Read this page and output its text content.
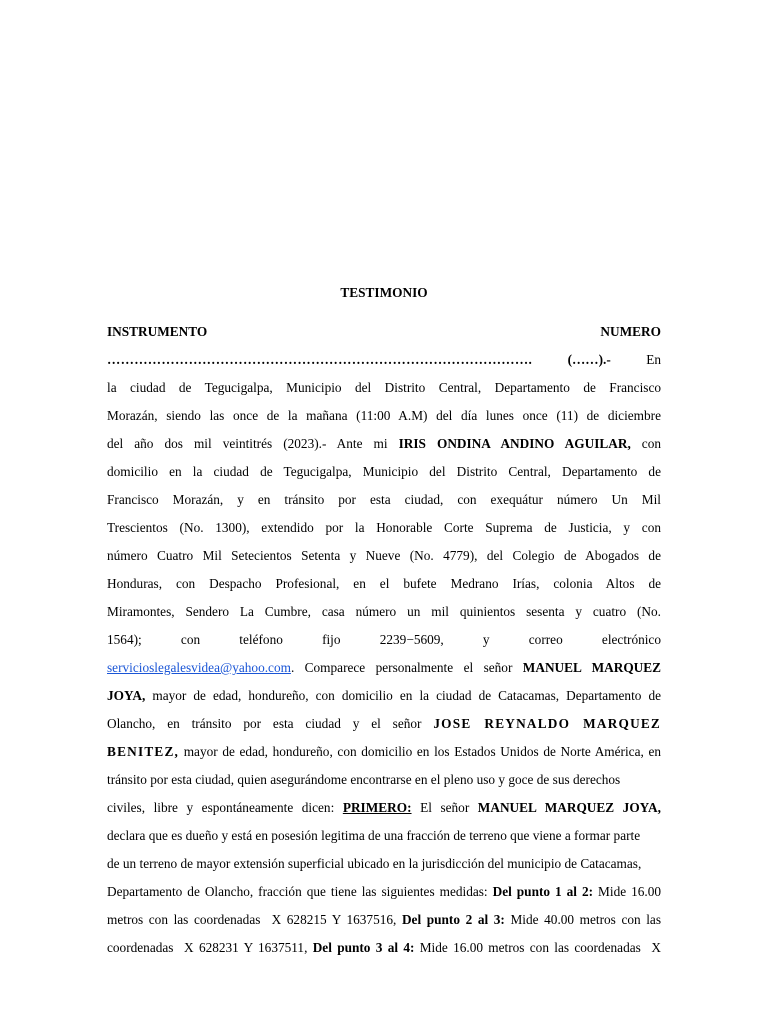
TESTIMONIO
INSTRUMENTO	NUMERO
………………………………………………………………………………….	(……).-	En
la ciudad de Tegucigalpa, Municipio del Distrito Central, Departamento de Francisco
Morazán, siendo las once de la mañana (11:00 A.M) del día lunes once (11) de diciembre
del año dos mil veintitrés (2023).- Ante mi IRIS ONDINA ANDINO AGUILAR, con
domicilio en la ciudad de Tegucigalpa, Municipio del Distrito Central, Departamento de
Francisco Morazán, y en tránsito por esta ciudad, con exequátur número Un Mil
Trescientos (No. 1300), extendido por la Honorable Corte Suprema de Justicia, y con
número Cuatro Mil Setecientos Setenta y Nueve (No. 4779), del Colegio de Abogados de
Honduras, con Despacho Profesional, en el bufete Medrano Irías, colonia Altos de
Miramontes, Sendero La Cumbre, casa número un mil quinientos sesenta y cuatro (No.
1564); con teléfono fijo 2239−5609, y correo electrónico
servicioslegalesvidea@yahoo.com. Comparece personalmente el señor MANUEL MARQUEZ
JOYA, mayor de edad, hondureño, con domicilio en la ciudad de Catacamas, Departamento de
Olancho, en tránsito por esta ciudad y el señor JOSE REYNALDO MARQUEZ
BENITEZ, mayor de edad, hondureño, con domicilio en los Estados Unidos de Norte América, en
tránsito por esta ciudad, quien asegurándome encontrarse en el pleno uso y goce de sus derechos
civiles, libre y espontáneamente dicen: PRIMERO: El señor MANUEL MARQUEZ JOYA,
declara que es dueño y está en posesión legitima de una fracción de terreno que viene a formar parte
de un terreno de mayor extensión superficial ubicado en la jurisdicción del municipio de Catacamas,
Departamento de Olancho, fracción que tiene las siguientes medidas: Del punto 1 al 2: Mide 16.00
metros con las coordenadas  X 628215 Y 1637516, Del punto 2 al 3: Mide 40.00 metros con las
coordenadas  X 628231 Y 1637511, Del punto 3 al 4: Mide 16.00 metros con las coordenadas  X
